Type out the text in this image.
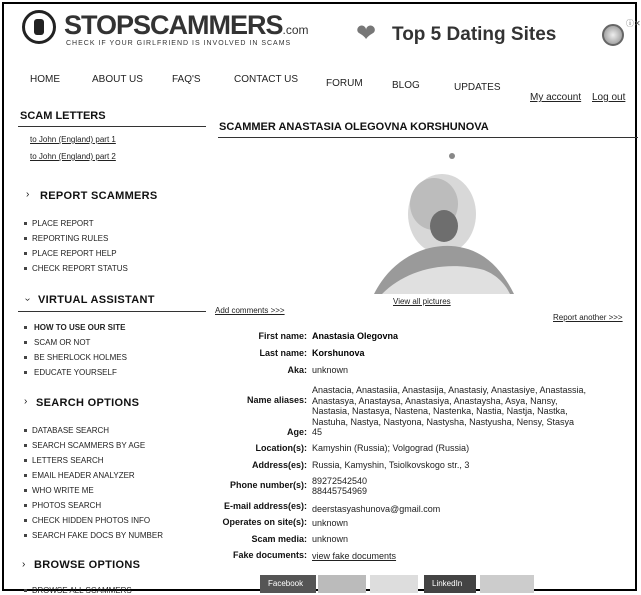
STOPSCAMMERS.com
CHECK IF YOUR GIRLFRIEND IS INVOLVED IN SCAMS	❤ Top 5 Dating Sites
ⓘ✕
HOME	ABOUT US	FAQ'S	CONTACT US	FORUM	BLOG	UPDATES
My account Log out
SCAM LETTERS
to John (England) part 1
to John (England) part 2
› REPORT SCAMMERS
PLACE REPORT
REPORTING RULES
PLACE REPORT HELP
CHECK REPORT STATUS
› VIRTUAL ASSISTANT
HOW TO USE OUR SITE
SCAM OR NOT
BE SHERLOCK HOLMES
EDUCATE YOURSELF
› SEARCH OPTIONS
DATABASE SEARCH
SEARCH SCAMMERS BY AGE
LETTERS SEARCH
EMAIL HEADER ANALYZER
WHO WRITE ME
PHOTOS SEARCH
CHECK HIDDEN PHOTOS INFO
SEARCH FAKE DOCS BY NUMBER
› BROWSE OPTIONS
BROWSE ALL SCAMMERS
SCAMMER ANASTASIA OLEGOVNA KORSHUNOVA
View all pictures
Add comments >>>
Report another >>>
First name: Anastasia Olegovna
Last name: Korshunova
Aka: unknown
Name aliases:
Anastacia, Anastasiia, Anastasija, Anastasiy, Anastasiye, Anastassia, Anastasya, Anastaysa, Anastasiya, Anastaysha, Asya, Nansy, Nastasia, Nastasya, Nastena, Nastenka, Nastia, Nastja, Nastka, Nastuha, Nastya, Nastyona, Nastysha, Nastyusha, Nensy, Stasya
Age: 45
Location(s): Kamyshin (Russia); Volgograd (Russia)
Address(es): Russia, Kamyshin, Tsiolkovskogo str., 3
Phone number(s): 89272542540
88445754969
E-mail address(es): deerstasyashunova@gmail.com
Operates on site(s): unknown
Scam media: unknown
Fake documents: view fake documents
Facebook	LinkedIn
